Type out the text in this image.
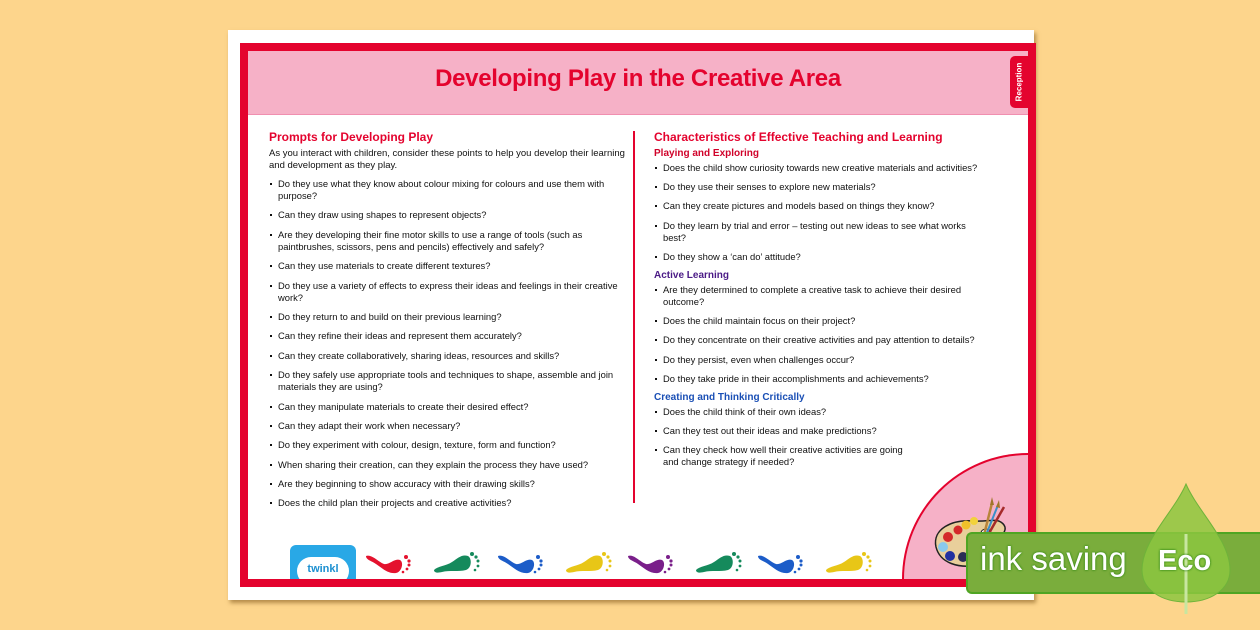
Developing Play in the Creative Area	Reception
Prompts for Developing Play
As you interact with children, consider these points to help you develop their learning and development as they play.
Do they use what they know about colour mixing for colours and use them with purpose?
Can they draw using shapes to represent objects?
Are they developing their fine motor skills to use a range of tools (such as paintbrushes, scissors, pens and pencils) effectively and safely?
Can they use materials to create different textures?
Do they use a variety of effects to express their ideas and feelings in their creative work?
Do they return to and build on their previous learning?
Can they refine their ideas and represent them accurately?
Can they create collaboratively, sharing ideas, resources and skills?
Do they safely use appropriate tools and techniques to shape, assemble and join materials they are using?
Can they manipulate materials to create their desired effect?
Can they adapt their work when necessary?
Do they experiment with colour, design, texture, form and function?
When sharing their creation, can they explain the process they have used?
Are they beginning to show accuracy with their drawing skills?
Does the child plan their projects and creative activities?
Characteristics of Effective Teaching and Learning
Playing and Exploring
Does the child show curiosity towards new creative materials and activities?
Do they use their senses to explore new materials?
Can they create pictures and models based on things they know?
Do they learn by trial and error – testing out new ideas to see what works best?
Do they show a ‘can do’ attitude?
Active Learning
Are they determined to complete a creative task to achieve their desired outcome?
Does the child maintain focus on their project?
Do they concentrate on their creative activities and pay attention to details?
Do they persist, even when challenges occur?
Do they take pride in their accomplishments and achievements?
Creating and Thinking Critically
Does the child think of their own ideas?
Can they test out their ideas and make predictions?
Can they check how well their creative activities are going and change strategy if needed?
twinkl	ink saving Eco
